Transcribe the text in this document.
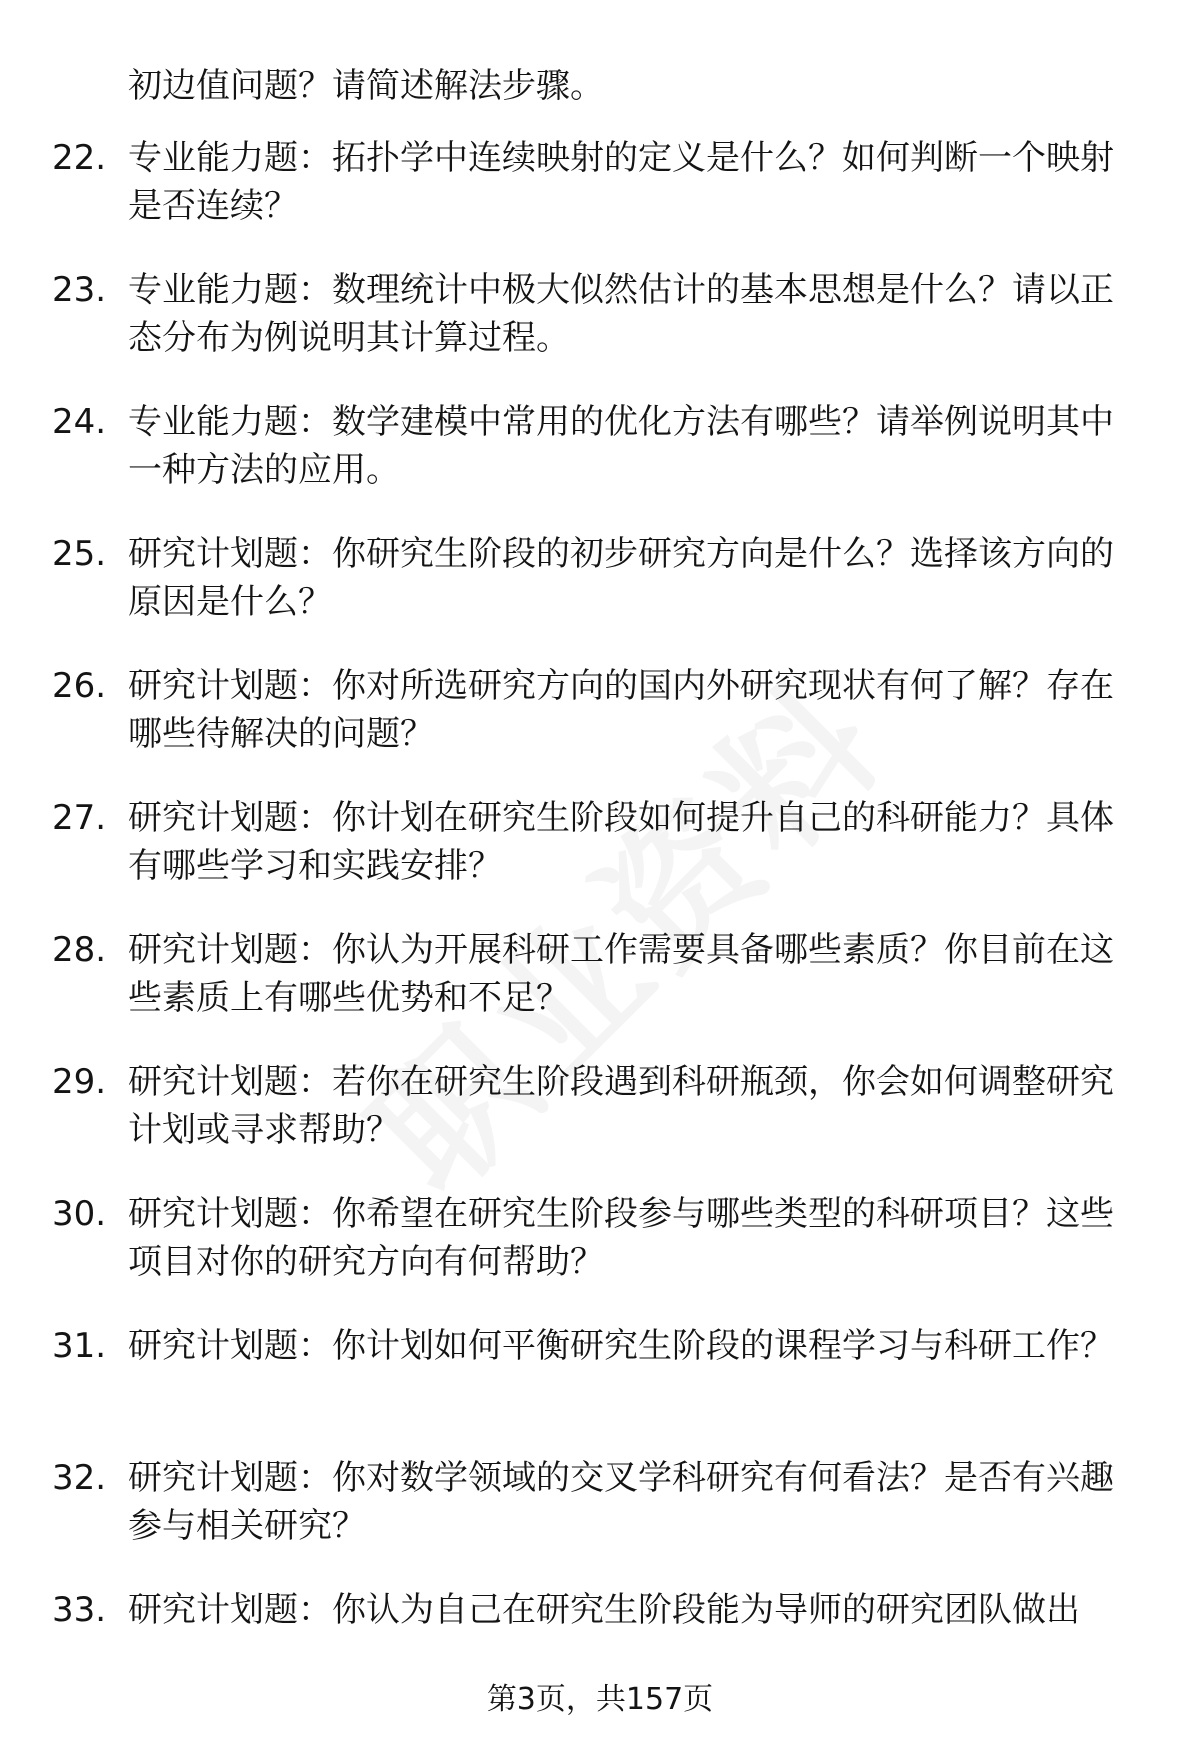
初边值问题？请简述解法步骤。
22. 专业能力题：拓扑学中连续映射的定义是什么？如何判断一个映射是否连续？
23. 专业能力题：数理统计中极大似然估计的基本思想是什么？请以正态分布为例说明其计算过程。
24. 专业能力题：数学建模中常用的优化方法有哪些？请举例说明其中一种方法的应用。
25. 研究计划题：你研究生阶段的初步研究方向是什么？选择该方向的原因是什么？
26. 研究计划题：你对所选研究方向的国内外研究现状有何了解？存在哪些待解决的问题？
27. 研究计划题：你计划在研究生阶段如何提升自己的科研能力？具体有哪些学习和实践安排？
28. 研究计划题：你认为开展科研工作需要具备哪些素质？你目前在这些素质上有哪些优势和不足？
29. 研究计划题：若你在研究生阶段遇到科研瓶颈，你会如何调整研究计划或寻求帮助？
30. 研究计划题：你希望在研究生阶段参与哪些类型的科研项目？这些项目对你的研究方向有何帮助？
31. 研究计划题：你计划如何平衡研究生阶段的课程学习与科研工作？
32. 研究计划题：你对数学领域的交叉学科研究有何看法？是否有兴趣参与相关研究？
33. 研究计划题：你认为自己在研究生阶段能为导师的研究团队做出
第3页，共157页
